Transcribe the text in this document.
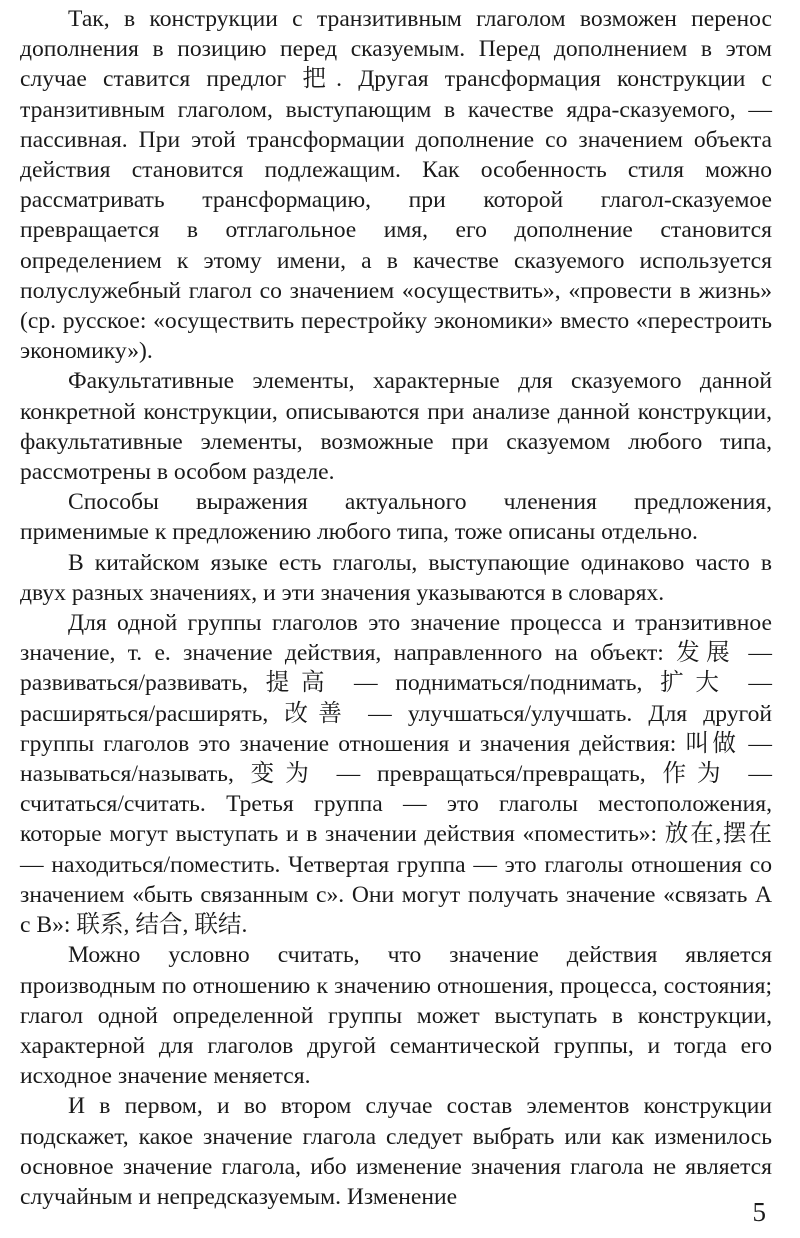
Так, в конструкции с транзитивным глаголом возможен перенос дополнения в позицию перед сказуемым. Перед дополнением в этом случае ставится предлог 把. Другая трансформация конструкции с транзитивным глаголом, выступающим в качестве ядра-сказуемого, — пассивная. При этой трансформации дополнение со значением объекта действия становится подлежащим. Как особенность стиля можно рассматривать трансформацию, при которой глагол-сказуемое превращается в отглагольное имя, его дополнение становится определением к этому имени, а в качестве сказуемого используется полуслужебный глагол со значением «осуществить», «провести в жизнь» (ср. русское: «осуществить перестройку экономики» вместо «перестроить экономику»).

Факультативные элементы, характерные для сказуемого данной конкретной конструкции, описываются при анализе данной конструкции, факультативные элементы, возможные при сказуемом любого типа, рассмотрены в особом разделе.

Способы выражения актуального членения предложения, применимые к предложению любого типа, тоже описаны отдельно.

В китайском языке есть глаголы, выступающие одинаково часто в двух разных значениях, и эти значения указываются в словарях.

Для одной группы глаголов это значение процесса и транзитивное значение, т. е. значение действия, направленного на объект: 发展 — развиваться/развивать, 提高 — подниматься/поднимать, 扩大 — расширяться/расширять, 改善 — улучшаться/улучшать. Для другой группы глаголов это значение отношения и значения действия: 叫做 — называться/называть, 变为 — превращаться/превращать, 作为 — считаться/считать. Третья группа — это глаголы местоположения, которые могут выступать и в значении действия «поместить»: 放在,摆在 — находиться/поместить. Четвертая группа — это глаголы отношения со значением «быть связанным с». Они могут получать значение «связать А с В»: 联系, 结合, 联结.

Можно условно считать, что значение действия является производным по отношению к значению отношения, процесса, состояния; глагол одной определенной группы может выступать в конструкции, характерной для глаголов другой семантической группы, и тогда его исходное значение меняется.

И в первом, и во втором случае состав элементов конструкции подскажет, какое значение глагола следует выбрать или как изменилось основное значение глагола, ибо изменение значения глагола не является случайным и непредсказуемым. Изменение

5
